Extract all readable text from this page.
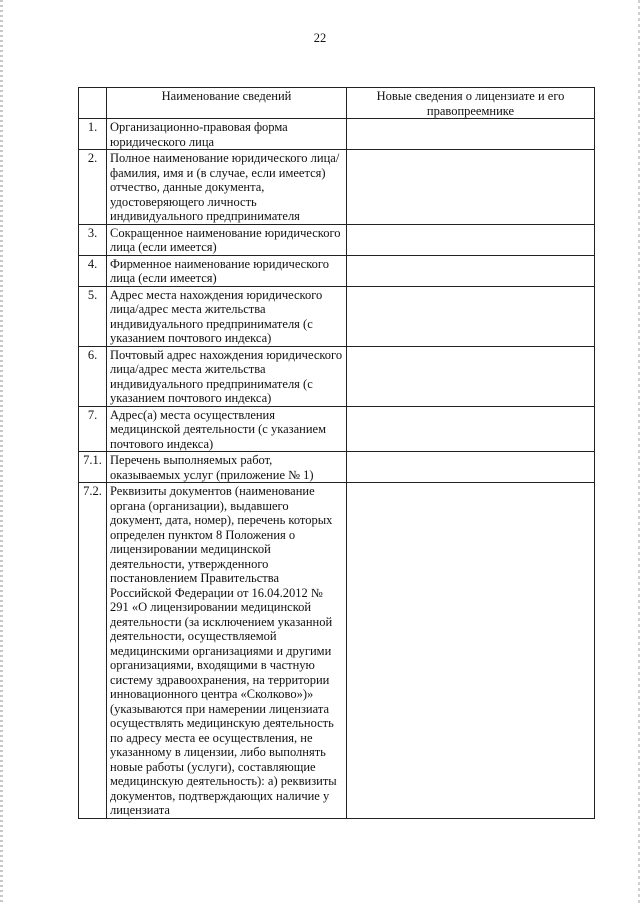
22
	Наименование сведений	Новые сведения о лицензиате и его правопреемнике
1.	Организационно-правовая форма юридического лица	
2.	Полное наименование юридического лица/фамилия, имя и (в случае, если имеется) отчество, данные документа, удостоверяющего личность индивидуального предпринимателя	
3.	Сокращенное наименование юридического лица (если имеется)	
4.	Фирменное наименование юридического лица (если имеется)	
5.	Адрес места нахождения юридического лица/адрес места жительства индивидуального предпринимателя (с указанием почтового индекса)	
6.	Почтовый адрес нахождения юридического лица/адрес места жительства индивидуального предпринимателя (с указанием почтового индекса)	
7.	Адрес(а) места осуществления медицинской деятельности (с указанием почтового индекса)	
7.1.	Перечень выполняемых работ, оказываемых услуг (приложение № 1)	
7.2.	Реквизиты документов (наименование органа (организации), выдавшего документ, дата, номер), перечень которых определен пунктом 8 Положения о лицензировании медицинской деятельности, утвержденного постановлением Правительства Российской Федерации от 16.04.2012 № 291 «О лицензировании медицинской деятельности (за исключением указанной деятельности, осуществляемой медицинскими организациями и другими организациями, входящими в частную систему здравоохранения, на территории инновационного центра «Сколково»)» (указываются при намерении лицензиата осуществлять медицинскую деятельность по адресу места ее осуществления, не указанному в лицензии, либо выполнять новые работы (услуги), составляющие медицинскую деятельность): а) реквизиты документов, подтверждающих наличие у лицензиата	
